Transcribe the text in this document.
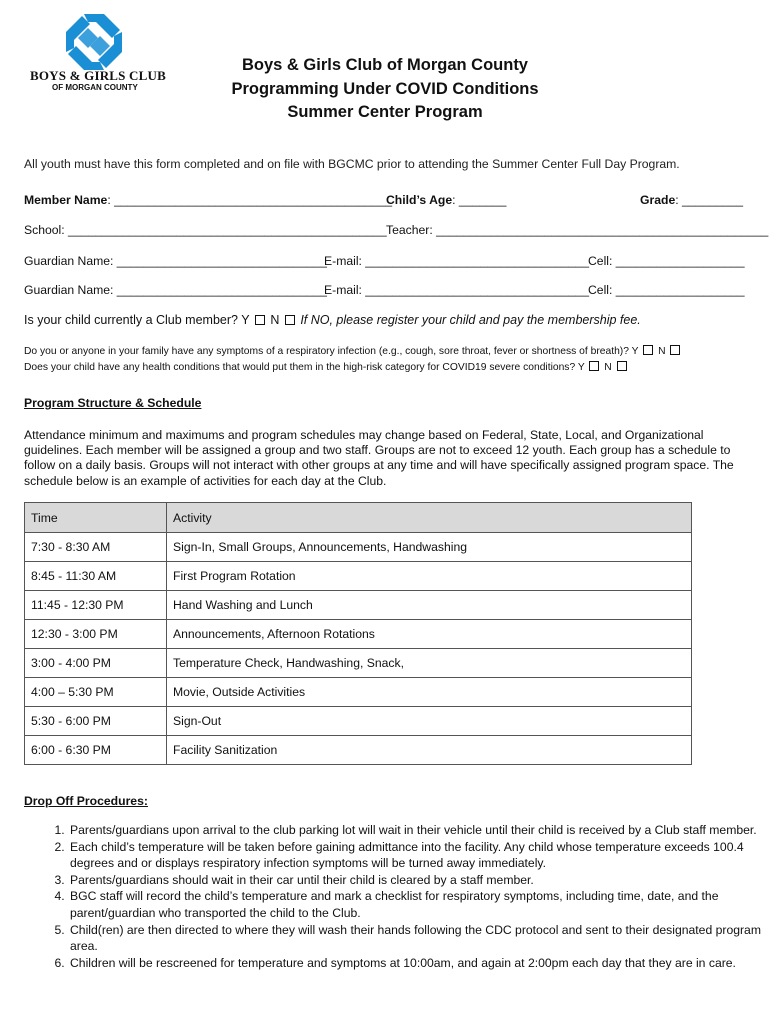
BOYS & GIRLS CLUB
OF MORGAN COUNTY
Boys & Girls Club of Morgan County
Programming Under COVID Conditions
Summer Center Program
All youth must have this form completed and on file with BGCMC prior to attending the Summer Center Full Day Program.
Member Name: _________________________________________
Child’s Age: _______	Grade: _________
School: _______________________________________________ Teacher: _________________________________________________
Guardian Name: _______________________________
E-mail: _________________________________ Cell: ___________________
Guardian Name: _______________________________
E-mail: _________________________________ Cell: ___________________
Is your child currently a Club member? Y N If NO, please register your child and pay the membership fee.
Do you or anyone in your family have any symptoms of a respiratory infection (e.g., cough, sore throat, fever or shortness of breath)? Y N
Does your child have any health conditions that would put them in the high-risk category for COVID19 severe conditions? Y N
Program Structure & Schedule
Attendance minimum and maximums and program schedules may change based on Federal, State, Local, and Organizational guidelines. Each member will be assigned a group and two staff. Groups are not to exceed 12 youth. Each group has a schedule to follow on a daily basis. Groups will not interact with other groups at any time and will have specifically assigned program space. The schedule below is an example of activities for each day at the Club.
Time	Activity
7:30 - 8:30 AM	Sign-In, Small Groups, Announcements, Handwashing
8:45 - 11:30 AM	First Program Rotation
11:45 - 12:30 PM	Hand Washing and Lunch
12:30 - 3:00 PM	Announcements, Afternoon Rotations
3:00 - 4:00 PM	Temperature Check, Handwashing, Snack,
4:00 – 5:30 PM	Movie, Outside Activities
5:30 - 6:00 PM	Sign-Out
6:00 - 6:30 PM	Facility Sanitization
Drop Off Procedures:
1. Parents/guardians upon arrival to the club parking lot will wait in their vehicle until their child is received by a Club staff member.
2. Each child’s temperature will be taken before gaining admittance into the facility. Any child whose temperature exceeds 100.4 degrees and or displays respiratory infection symptoms will be turned away immediately.
3. Parents/guardians should wait in their car until their child is cleared by a staff member.
4. BGC staff will record the child’s temperature and mark a checklist for respiratory symptoms, including time, date, and the parent/guardian who transported the child to the Club.
5. Child(ren) are then directed to where they will wash their hands following the CDC protocol and sent to their designated program area.
6. Children will be rescreened for temperature and symptoms at 10:00am, and again at 2:00pm each day that they are in care.
